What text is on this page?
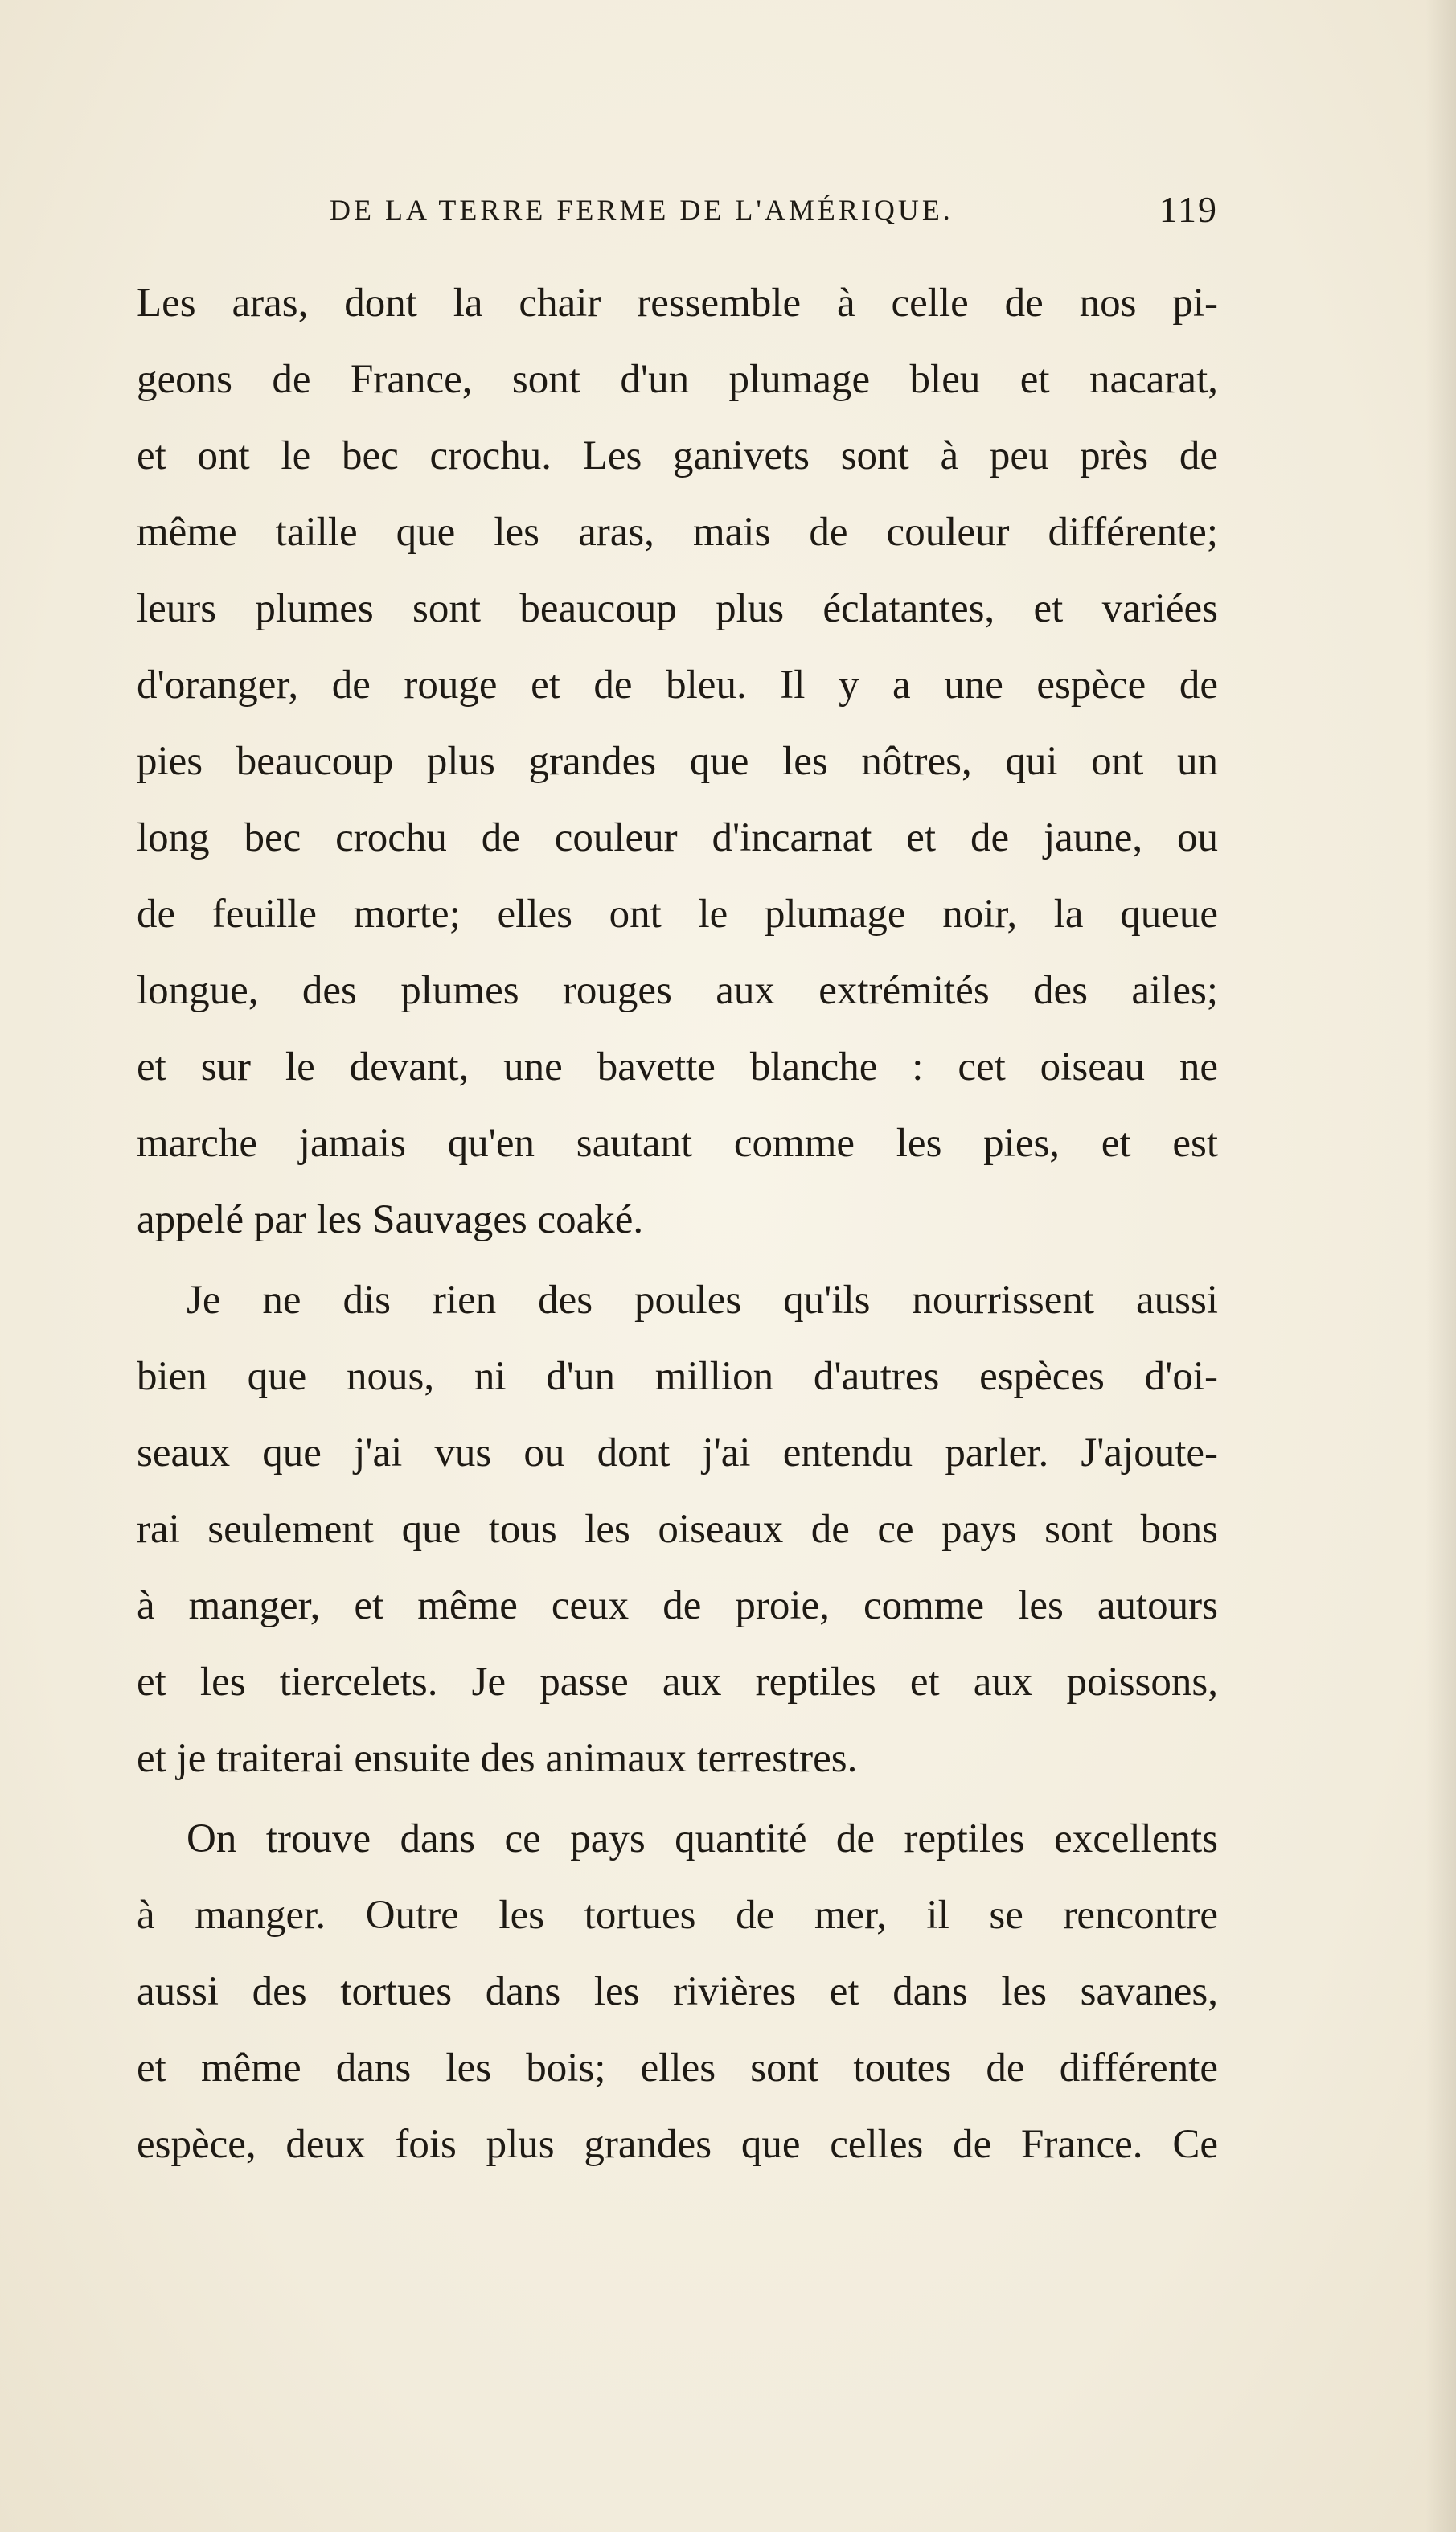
DE LA TERRE FERME DE L'AMÉRIQUE.	119
Les aras, dont la chair ressemble à celle de nos pi-
geons de France, sont d'un plumage bleu et nacarat,
et ont le bec crochu. Les ganivets sont à peu près de
même taille que les aras, mais de couleur différente;
leurs plumes sont beaucoup plus éclatantes, et variées
d'oranger, de rouge et de bleu. Il y a une espèce de
pies beaucoup plus grandes que les nôtres, qui ont un
long bec crochu de couleur d'incarnat et de jaune, ou
de feuille morte; elles ont le plumage noir, la queue
longue, des plumes rouges aux extrémités des ailes;
et sur le devant, une bavette blanche : cet oiseau ne
marche jamais qu'en sautant comme les pies, et est
appelé par les Sauvages coaké.
Je ne dis rien des poules qu'ils nourrissent aussi
bien que nous, ni d'un million d'autres espèces d'oi-
seaux que j'ai vus ou dont j'ai entendu parler. J'ajoute-
rai seulement que tous les oiseaux de ce pays sont bons
à manger, et même ceux de proie, comme les autours
et les tiercelets. Je passe aux reptiles et aux poissons,
et je traiterai ensuite des animaux terrestres.
On trouve dans ce pays quantité de reptiles excellents
à manger. Outre les tortues de mer, il se rencontre
aussi des tortues dans les rivières et dans les savanes,
et même dans les bois; elles sont toutes de différente
espèce, deux fois plus grandes que celles de France. Ce
